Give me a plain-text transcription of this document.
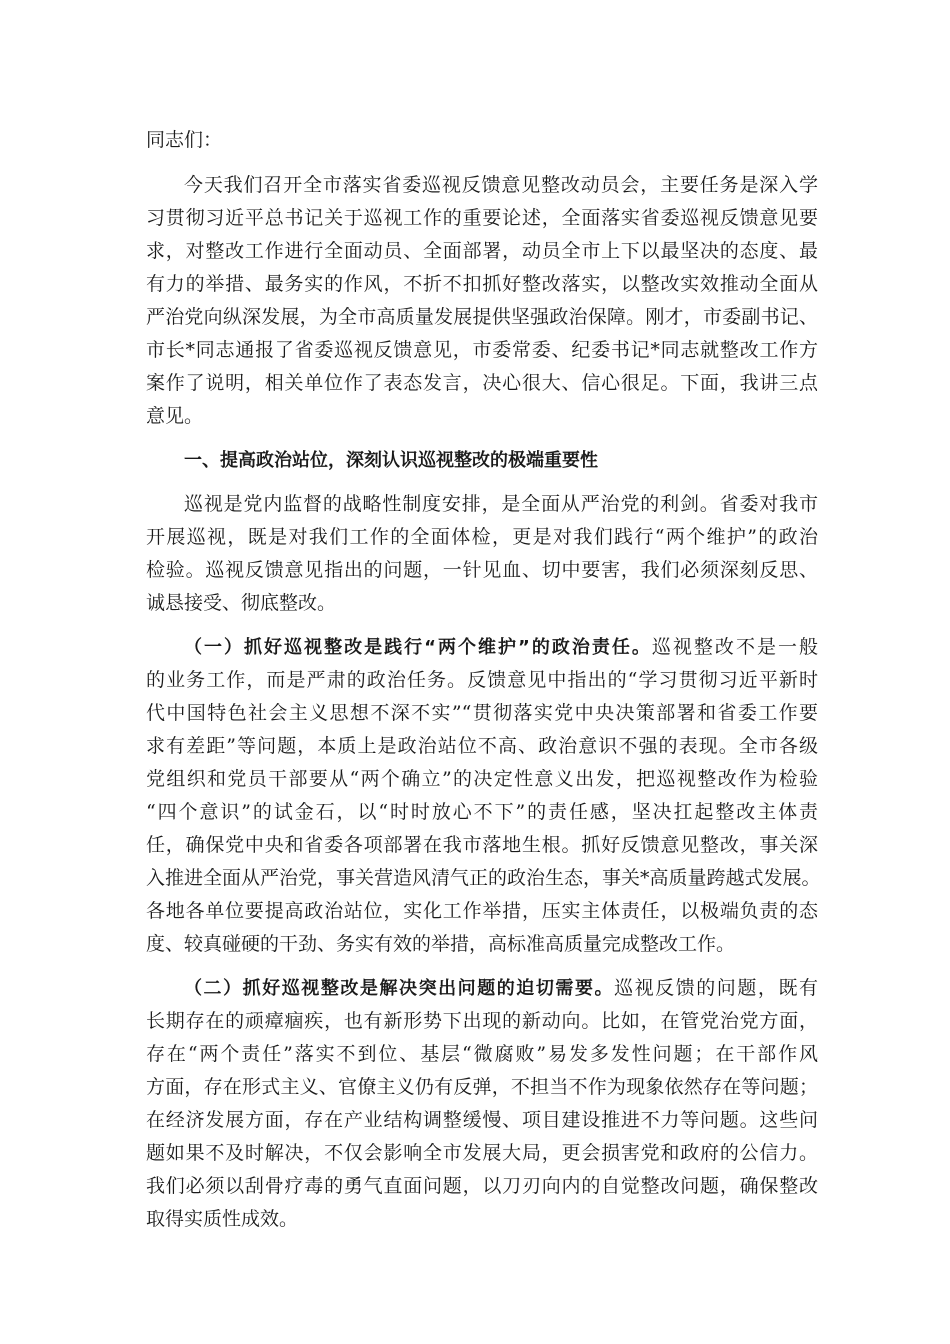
同志们：
今天我们召开全市落实省委巡视反馈意见整改动员会，主要任务是深入学
习贯彻习近平总书记关于巡视工作的重要论述，全面落实省委巡视反馈意见要
求，对整改工作进行全面动员、全面部署，动员全市上下以最坚决的态度、最
有力的举措、最务实的作风，不折不扣抓好整改落实，以整改实效推动全面从
严治党向纵深发展，为全市高质量发展提供坚强政治保障。刚才，市委副书记、
市长*同志通报了省委巡视反馈意见，市委常委、纪委书记*同志就整改工作方
案作了说明，相关单位作了表态发言，决心很大、信心很足。下面，我讲三点
意见。
一、提高政治站位，深刻认识巡视整改的极端重要性
巡视是党内监督的战略性制度安排，是全面从严治党的利剑。省委对我市
开展巡视，既是对我们工作的全面体检，更是对我们践行“两个维护”的政治
检验。巡视反馈意见指出的问题，一针见血、切中要害，我们必须深刻反思、
诚恳接受、彻底整改。
（一）抓好巡视整改是践行“两个维护”的政治责任。巡视整改不是一般
的业务工作，而是严肃的政治任务。反馈意见中指出的“学习贯彻习近平新时
代中国特色社会主义思想不深不实”“贯彻落实党中央决策部署和省委工作要
求有差距”等问题，本质上是政治站位不高、政治意识不强的表现。全市各级
党组织和党员干部要从“两个确立”的决定性意义出发，把巡视整改作为检验
“四个意识”的试金石，以“时时放心不下”的责任感，坚决扛起整改主体责
任，确保党中央和省委各项部署在我市落地生根。抓好反馈意见整改，事关深
入推进全面从严治党，事关营造风清气正的政治生态，事关*高质量跨越式发展。
各地各单位要提高政治站位，实化工作举措，压实主体责任，以极端负责的态
度、较真碰硬的干劲、务实有效的举措，高标准高质量完成整改工作。
（二）抓好巡视整改是解决突出问题的迫切需要。巡视反馈的问题，既有
长期存在的顽瘴痼疾，也有新形势下出现的新动向。比如，在管党治党方面，
存在“两个责任”落实不到位、基层“微腐败”易发多发性问题；在干部作风
方面，存在形式主义、官僚主义仍有反弹，不担当不作为现象依然存在等问题；
在经济发展方面，存在产业结构调整缓慢、项目建设推进不力等问题。这些问
题如果不及时解决，不仅会影响全市发展大局，更会损害党和政府的公信力。
我们必须以刮骨疗毒的勇气直面问题，以刀刃向内的自觉整改问题，确保整改
取得实质性成效。
